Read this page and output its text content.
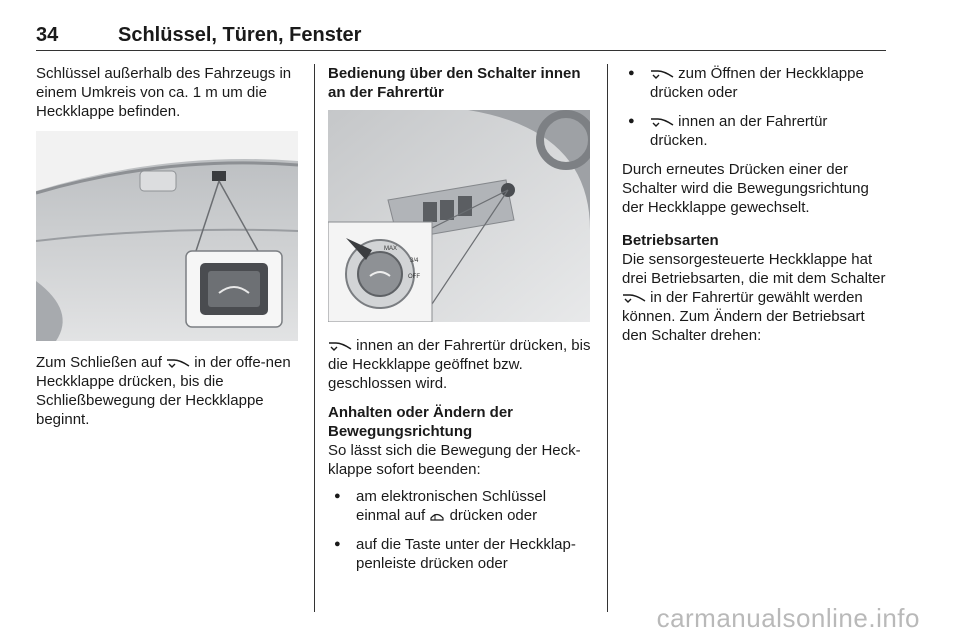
34	Schlüssel, Türen, Fenster

Schlüssel außerhalb des Fahrzeugs in einem Umkreis von ca. 1 m um die Heckklappe befinden.

Zum Schließen auf in der offe-nen Heckklappe drücken, bis die Schließbewegung der Heckklappe beginnt.

Bedienung über den Schalter innen an der Fahrertür

MAX
3/4
OFF

innen an der Fahrertür drücken, bis die Heckklappe geöffnet bzw. geschlossen wird.

Anhalten oder Ändern der Bewegungsrichtung

So lässt sich die Bewegung der Heck-klappe sofort beenden:

● am elektronischen Schlüssel einmal auf drücken oder
● auf die Taste unter der Heckklap-penleiste drücken oder
● zum Öffnen der Heckklappe drücken oder
● innen an der Fahrertür drücken.

Durch erneutes Drücken einer der Schalter wird die Bewegungsrichtung der Heckklappe gewechselt.

Betriebsarten

Die sensorgesteuerte Heckklappe hat drei Betriebsarten, die mit dem Schalter  in der Fahrertür gewählt werden können. Zum Ändern der Betriebsart den Schalter drehen:

carmanualsonline.info
